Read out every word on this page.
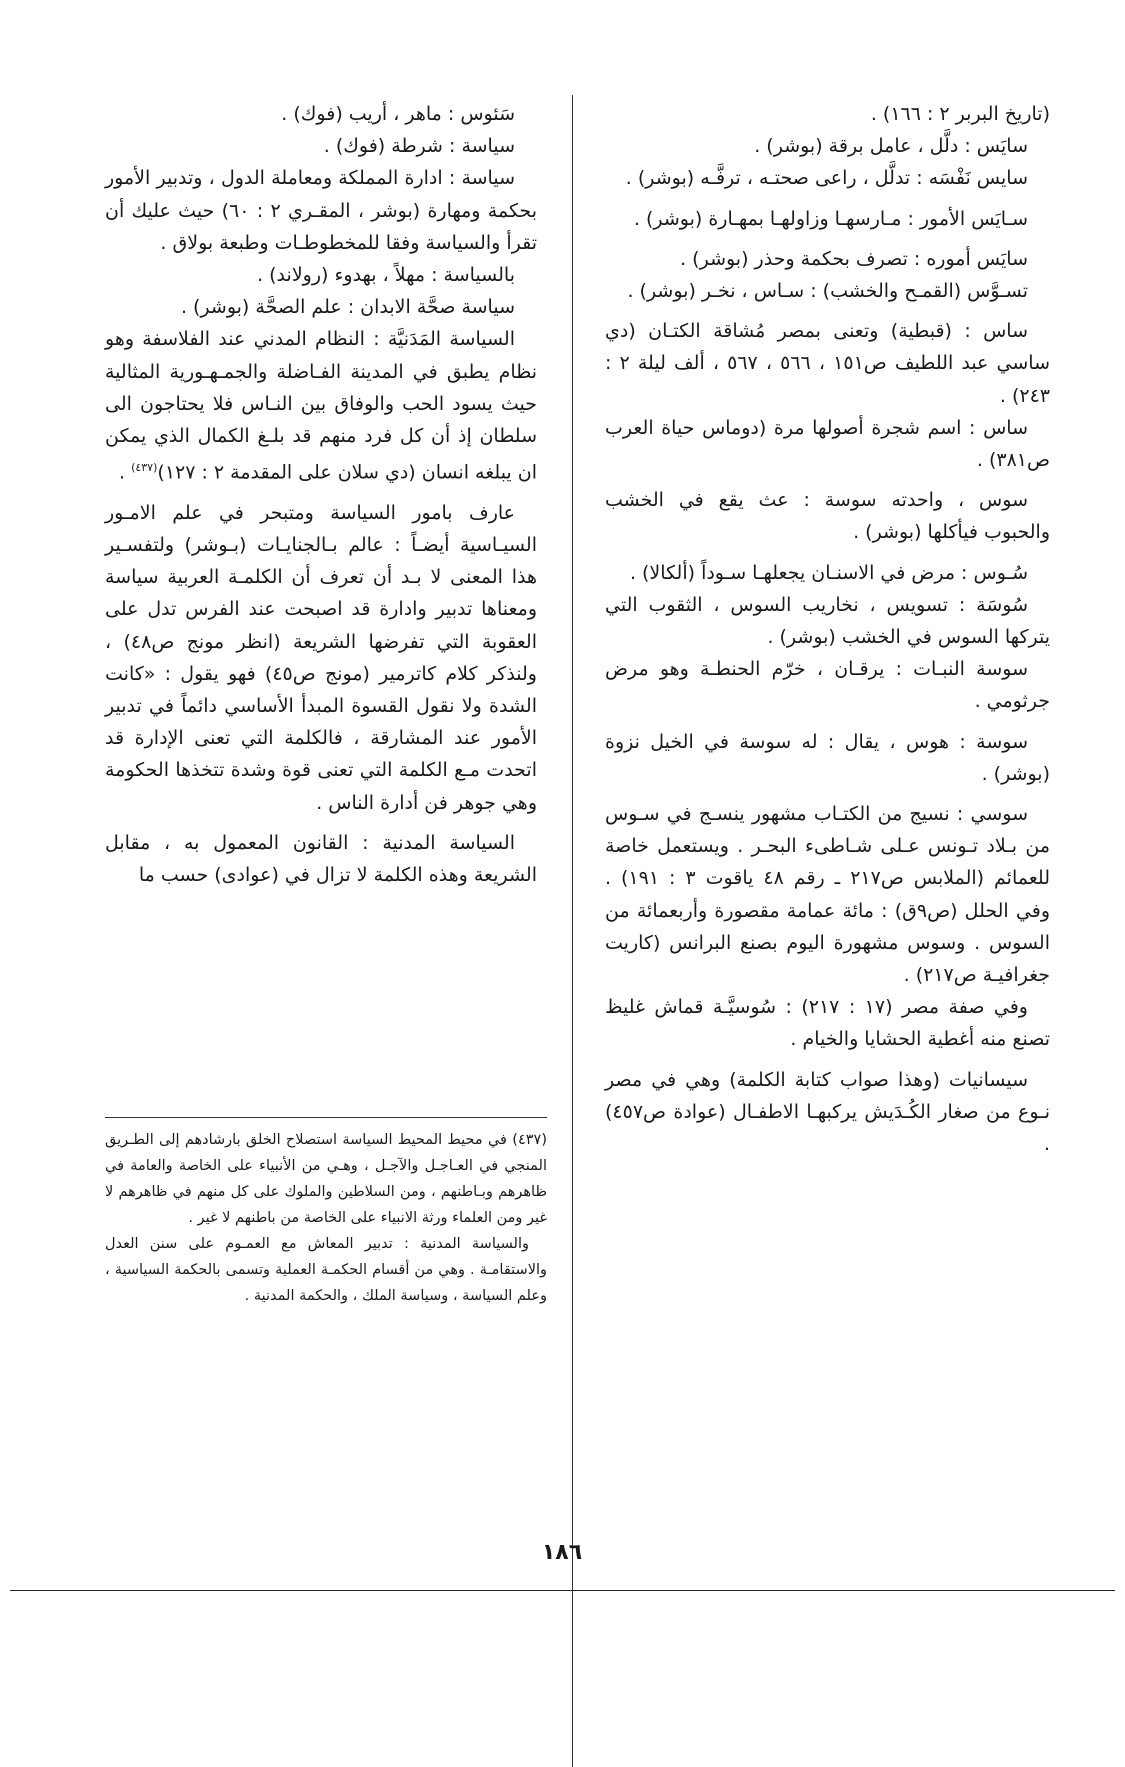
(تاريخ البربر ٢ : ١٦٦) .

سايَس : دلَّل ، عامل برقة (بوشر) .

سايس نَفْسَه : تدلَّل ، راعى صحتـه ، ترفَّـه (بوشر) .

سـايَس الأمور : مـارسهـا وزاولهـا بمهـارة (بوشر) .

سايَس أموره : تصرف بحكمة وحذر (بوشر) .

تسـوَّس (القمـح والخشب) : سـاس ، نخـر (بوشر) .

ساس : (قبطية) وتعنى بمصر مُشاقة الكتـان (دي ساسي عبد اللطيف ص١٥١ ، ٥٦٦ ، ٥٦٧ ، ألف ليلة ٢ : ٢٤٣) .

ساس : اسم شجرة أصولها مرة (دوماس حياة العرب ص٣٨١) .

سوس ، واحدته سوسة : عث يقع في الخشب والحبوب فيأكلها (بوشر) .

سُـوس : مرض في الاسنـان يجعلهـا سـوداً (ألكالا) .

سُوسَة : تسويس ، نخاريب السوس ، الثقوب التي يتركها السوس في الخشب (بوشر) .

سوسة النبـات : يرقـان ، خرّم الحنطـة وهو مرض جرثومي .

سوسة : هوس ، يقال : له سوسة في الخيل نزوة (بوشر) .

سوسي : نسيج من الكتـاب مشهور ينسـج في سـوس من بـلاد تـونس عـلى شـاطىء البحـر . ويستعمل خاصة للعمائم (الملابس ص٢١٧ ـ رقم ٤٨ ياقوت ٣ : ١٩١) . وفي الحلل (ص٩ق) : مائة عمامة مقصورة وأربعمائة من السوس . وسوس مشهورة اليوم بصنع البرانس (كاريت جغرافيـة ص٢١٧) .

وفي صفة مصر (١٧ : ٢١٧) : سُوسيَّـة قماش غليظ تصنع منه أغطية الحشايا والخيام .

سيسانيات (وهذا صواب كتابة الكلمة) وهي في مصر نـوع من صغار الكُـدَيش يركبهـا الاطفـال (عوادة ص٤٥٧) .

سَئوس : ماهر ، أريب (فوك) .

سياسة : شرطة (فوك) .

سياسة : ادارة المملكة ومعاملة الدول ، وتدبير الأمور بحكمة ومهارة (بوشر ، المقـري ٢ : ٦٠) حيث عليك أن تقرأ والسياسة وفقا للمخطوطـات وطبعة بولاق .

بالسياسة : مهلاً ، بهدوء (رولاند) .

سياسة صحَّة الابدان : علم الصحَّة (بوشر) .

السياسة المَدَنيَّة : النظام المدني عند الفلاسفة وهو نظام يطبق في المدينة الفـاضلة والجمـهـورية المثالية حيث يسود الحب والوفاق بين النـاس فلا يحتاجون الى سلطان إذ أن كل فرد منهم قد بلـغ الكمال الذي يمكن ان يبلغه انسان (دي سلان على المقدمة ٢ : ١٢٧)$^{(٤٣٧)}$ .

عارف بامور السياسة ومتبحر في علم الامـور السيـاسية أيضـاً : عالم بـالجنايـات (بـوشر) ولتفسـير هذا المعنى لا بـد أن تعرف أن الكلمـة العربية سياسة ومعناها تدبير وادارة قد اصبحت عند الفرس تدل على العقوبة التي تفرضها الشريعة (انظر مونج ص٤٨) ، ولنذكر كلام كاترمير (مونج ص٤٥) فهو يقول : «كانت الشدة ولا نقول القسوة المبدأ الأساسي دائماً في تدبير الأمور عند المشارقة ، فالكلمة التي تعنى الإدارة قد اتحدت مـع الكلمة التي تعنى قوة وشدة تتخذها الحكومة وهي جوهر فن أدارة الناس .

السياسة المدنية : القانون المعمول به ، مقابل الشريعة وهذه الكلمة لا تزال في (عوادى) حسب ما

(٤٣٧) في محيط المحيط السياسة استصلاح الخلق بارشادهم إلى الطـريق المنجي في العـاجـل والآجـل ، وهـي من الأنبياء على الخاصة والعامة في ظاهرهم وبـاطنهم ، ومن السلاطين والملوك على كل منهم في ظاهرهم لا غير ومن العلماء ورثة الانبياء على الخاصة من باطنهم لا غير .

والسياسة المدنية : تدبير المعاش مع العمـوم على سنن العدل والاستقامـة . وهي من أقسام الحكمـة العملية وتسمى بالحكمة السياسية ، وعلم السياسة ، وسياسة الملك ، والحكمة المدنية .

١٨٦
